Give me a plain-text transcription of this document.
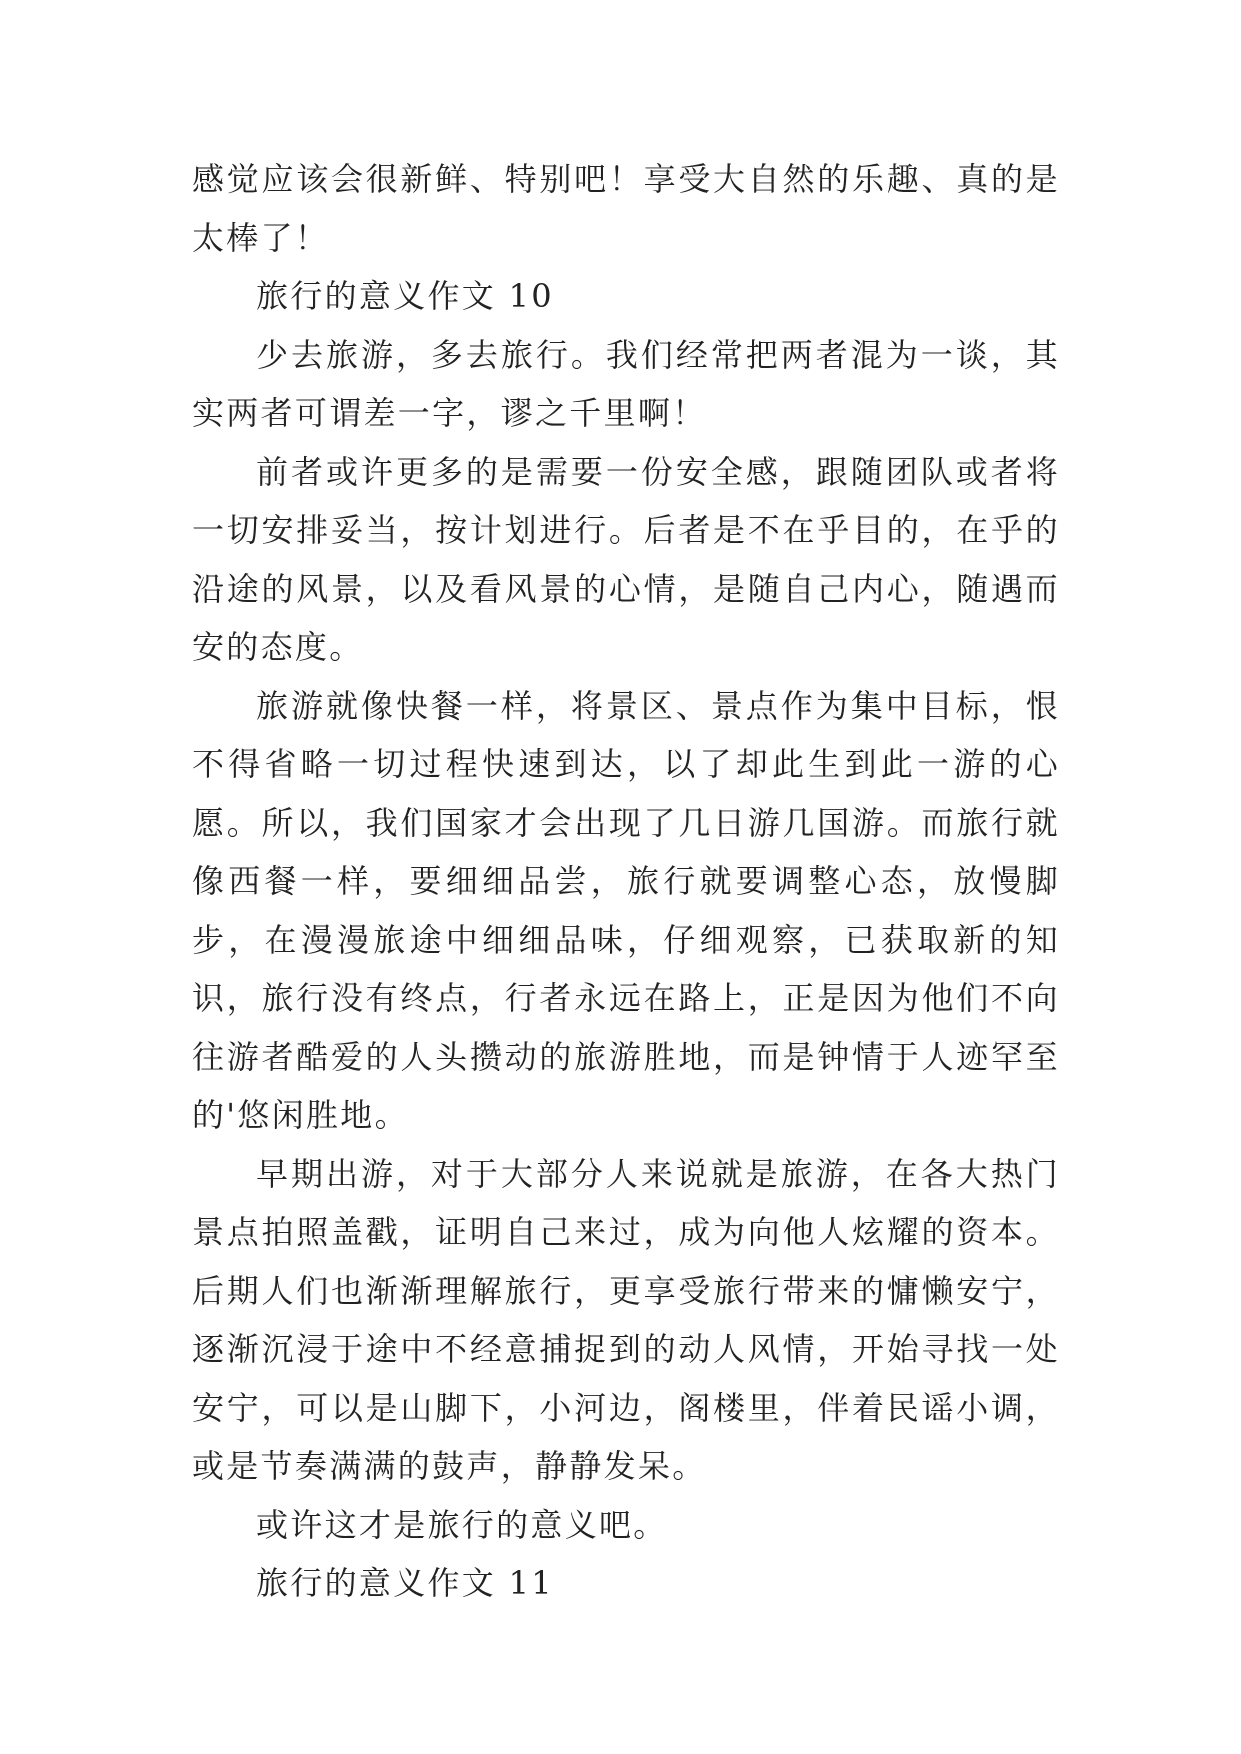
感觉应该会很新鲜、特别吧！享受大自然的乐趣、真的是太棒了！

旅行的意义作文 10

少去旅游，多去旅行。我们经常把两者混为一谈，其实两者可谓差一字，谬之千里啊！

前者或许更多的是需要一份安全感，跟随团队或者将一切安排妥当，按计划进行。后者是不在乎目的，在乎的沿途的风景，以及看风景的心情，是随自己内心，随遇而安的态度。

旅游就像快餐一样，将景区、景点作为集中目标，恨不得省略一切过程快速到达，以了却此生到此一游的心愿。所以，我们国家才会出现了几日游几国游。而旅行就像西餐一样，要细细品尝，旅行就要调整心态，放慢脚步，在漫漫旅途中细细品味，仔细观察，已获取新的知识，旅行没有终点，行者永远在路上，正是因为他们不向往游者酷爱的人头攒动的旅游胜地，而是钟情于人迹罕至的'悠闲胜地。

早期出游，对于大部分人来说就是旅游，在各大热门景点拍照盖戳，证明自己来过，成为向他人炫耀的资本。后期人们也渐渐理解旅行，更享受旅行带来的慵懒安宁，逐渐沉浸于途中不经意捕捉到的动人风情，开始寻找一处安宁，可以是山脚下，小河边，阁楼里，伴着民谣小调，或是节奏满满的鼓声，静静发呆。

或许这才是旅行的意义吧。

旅行的意义作文 11
